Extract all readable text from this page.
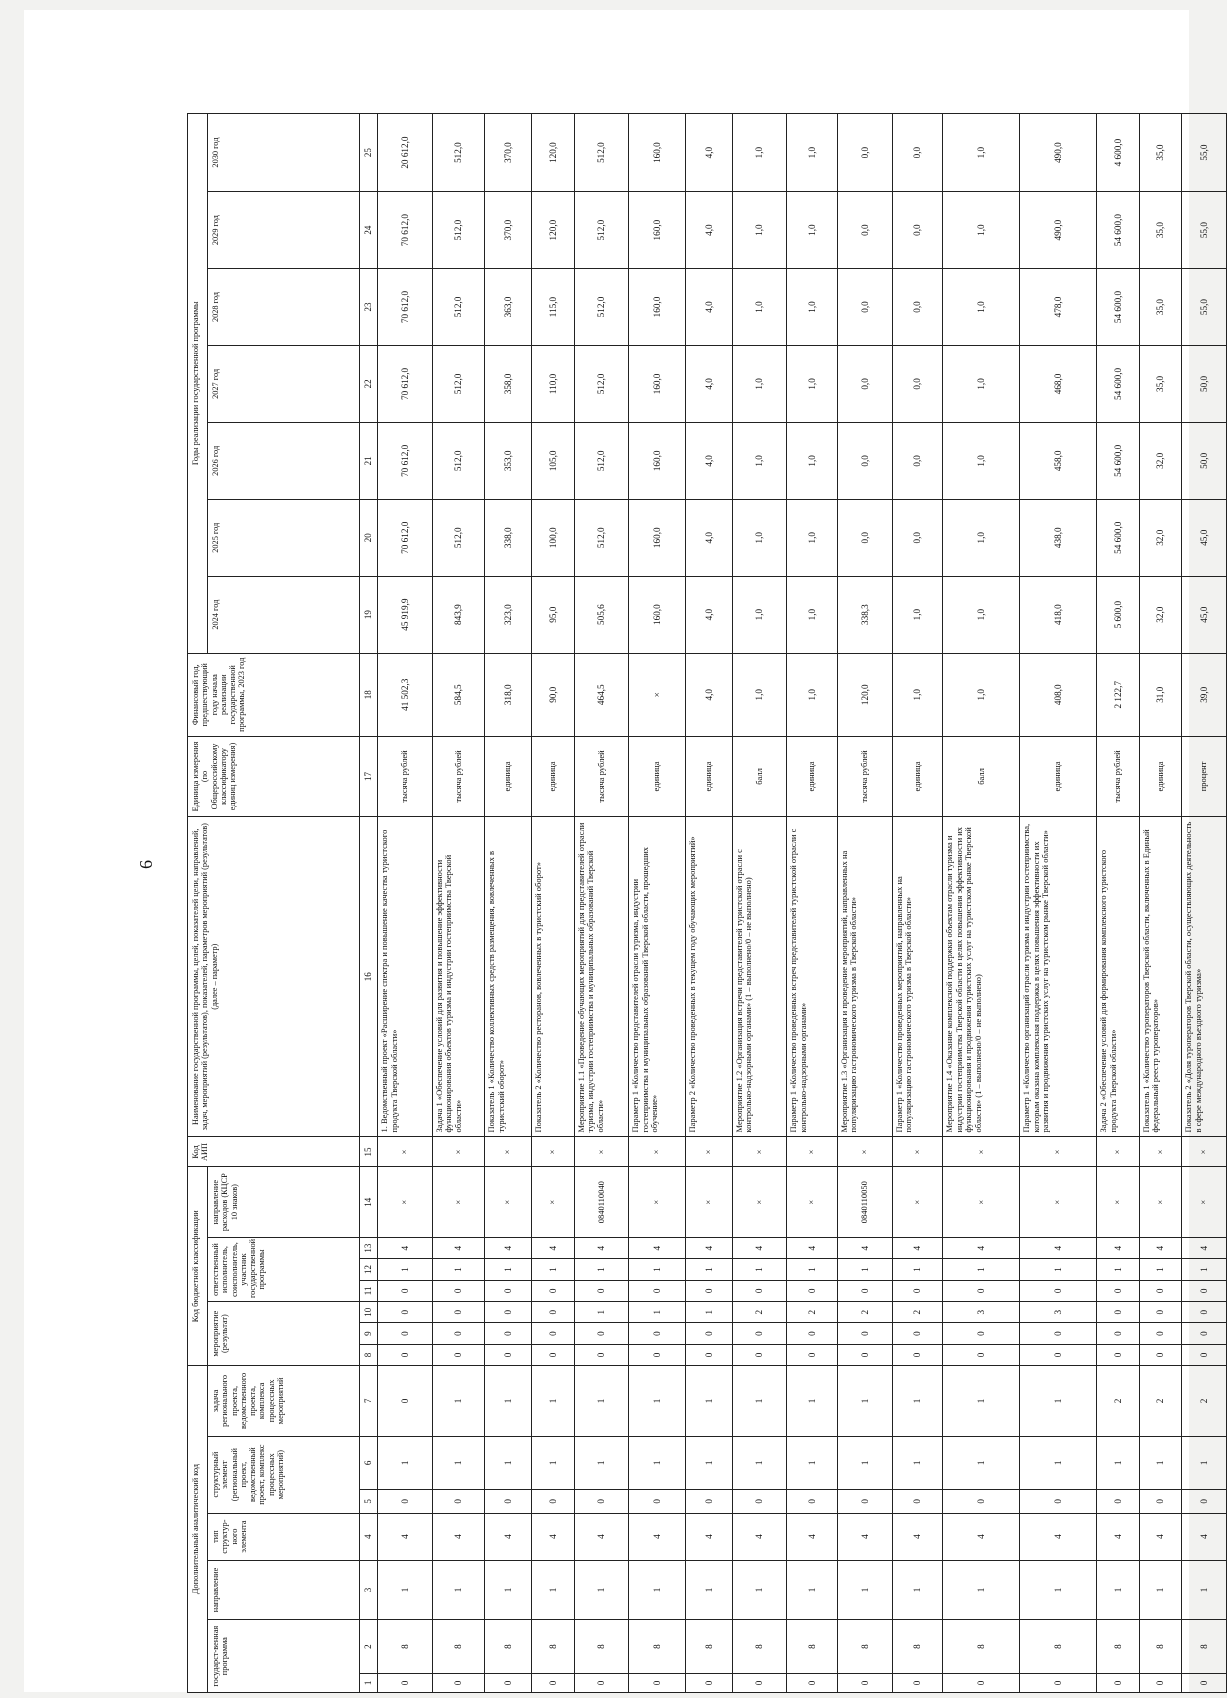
6
Дополнительный аналитический код							Код бюджетной классификации							Код АИП	Наименование государственной программы, целей, показателей цели, направлений, задач, мероприятий (результатов), показателей, параметров мероприятий (результатов) (далее – параметр)	Единица измерения (по Общероссийскому классификатору единиц измерения)	Финансовый год, предшествующий году начала реализации государственной программы, 2023 год	Годы реализации государственной программы						
государст-венная программа		направление	тип структур-ного элемента	структурный элемент (региональный проект, ведомственный проект, комплекс процессных мероприятий)		задача регионального проекта, ведомственного проекта, комплекса процессных мероприятий	мероприятие (результат)			ответственный исполнитель, соисполнитель, участник государственной программы			направление расходов (КЦСР 10 знаков)					2024 год	2025 год	2026 год	2027 год	2028 год	2029 год	2030 год

1	2	3	4	5	6	7	8	9	10	11	12	13	14	15	16	17	18	19	20	21	22	23	24	25
0	8	1	4	0	1	0	0	0	0	0	1	4	×	×	1. Ведомственный проект «Расширение спектра и повышение качества туристского продукта Тверской области»	тысяча рублей	41 502,3	45 919,9	70 612,0	70 612,0	70 612,0	70 612,0	70 612,0	20 612,0
0	8	1	4	0	1	1	0	0	0	0	1	4	×	×	Задача 1 «Обеспечение условий для развития и повышение эффективности функционирования объектов туризма и индустрии гостеприимства Тверской области»	тысяча рублей	584,5	843,9	512,0	512,0	512,0	512,0	512,0	512,0
0	8	1	4	0	1	1	0	0	0	0	1	4	×	×	Показатель 1 «Количество коллективных средств размещения, вовлеченных в туристский оборот»	единица	318,0	323,0	338,0	353,0	358,0	363,0	370,0	370,0
0	8	1	4	0	1	1	0	0	0	0	1	4	×	×	Показатель 2 «Количество ресторанов, вовлеченных в туристский оборот»	единица	90,0	95,0	100,0	105,0	110,0	115,0	120,0	120,0
0	8	1	4	0	1	1	0	0	1	0	1	4	0840110040	×	Мероприятие 1.1 «Проведение обучающих мероприятий для представителей отрасли туризма, индустрии гостеприимства и муниципальных образований Тверской области»	тысяча рублей	464,5	505,6	512,0	512,0	512,0	512,0	512,0	512,0
0	8	1	4	0	1	1	0	0	1	0	1	4	×	×	Параметр 1 «Количество представителей отрасли туризма, индустрии гостеприимства и муниципальных образований Тверской области, прошедших обучение»	единица	×	160,0	160,0	160,0	160,0	160,0	160,0	160,0
0	8	1	4	0	1	1	0	0	1	0	1	4	×	×	Параметр 2 «Количество проведенных в текущем году обучающих мероприятий»	единица	4,0	4,0	4,0	4,0	4,0	4,0	4,0	4,0
0	8	1	4	0	1	1	0	0	2	0	1	4	×	×	Мероприятие 1.2 «Организация встречи представителей туристской отрасли с контрольно-надзорными органами» (1 – выполнено/0 – не выполнено)	балл	1,0	1,0	1,0	1,0	1,0	1,0	1,0	1,0
0	8	1	4	0	1	1	0	0	2	0	1	4	×	×	Параметр 1 «Количество проведенных встреч представителей туристской отрасли с контрольно-надзорными органами»	единица	1,0	1,0	1,0	1,0	1,0	1,0	1,0	1,0
0	8	1	4	0	1	1	0	0	2	0	1	4	0840110050	×	Мероприятие 1.3 «Организация и проведение мероприятий, направленных на популяризацию гастрономического туризма в Тверской области»	тысяча рублей	120,0	338,3	0,0	0,0	0,0	0,0	0,0	0,0
0	8	1	4	0	1	1	0	0	2	0	1	4	×	×	Параметр 1 «Количество проведенных мероприятий, направленных на популяризацию гастрономического туризма в Тверской области»	единица	1,0	1,0	0,0	0,0	0,0	0,0	0,0	0,0
0	8	1	4	0	1	1	0	0	3	0	1	4	×	×	Мероприятие 1.4 «Оказание комплексной поддержки объектам отрасли туризма и индустрии гостеприимства Тверской области в целях повышения эффективности их функционирования и продвижения туристских услуг на туристском рынке Тверской области» (1 – выполнено/0 – не выполнено)	балл	1,0	1,0	1,0	1,0	1,0	1,0	1,0	1,0
0	8	1	4	0	1	1	0	0	3	0	1	4	×	×	Параметр 1 «Количество организаций отрасли туризма и индустрии гостеприимства, которым оказана комплексная поддержка в целях повышения эффективности их развития и продвижения туристских услуг на туристском рынке Тверской области»	единица	408,0	418,0	438,0	458,0	468,0	478,0	490,0	490,0
0	8	1	4	0	1	2	0	0	0	0	1	4	×	×	Задача 2 «Обеспечение условий для формирования комплексного туристского продукта Тверской области»	тысяча рублей	2 122,7	5 600,0	54 600,0	54 600,0	54 600,0	54 600,0	54 600,0	4 600,0
0	8	1	4	0	1	2	0	0	0	0	1	4	×	×	Показатель 1 «Количество туроператоров Тверской области, включенных в Единый федеральный реестр туроператоров»	единица	31,0	32,0	32,0	32,0	35,0	35,0	35,0	35,0
0	8	1	4	0	1	2	0	0	0	0	1	4	×	×	Показатель 2 «Доля туроператоров Тверской области, осуществляющих деятельность в сфере международного въездного туризма»	процент	39,0	45,0	45,0	50,0	50,0	55,0	55,0	55,0
